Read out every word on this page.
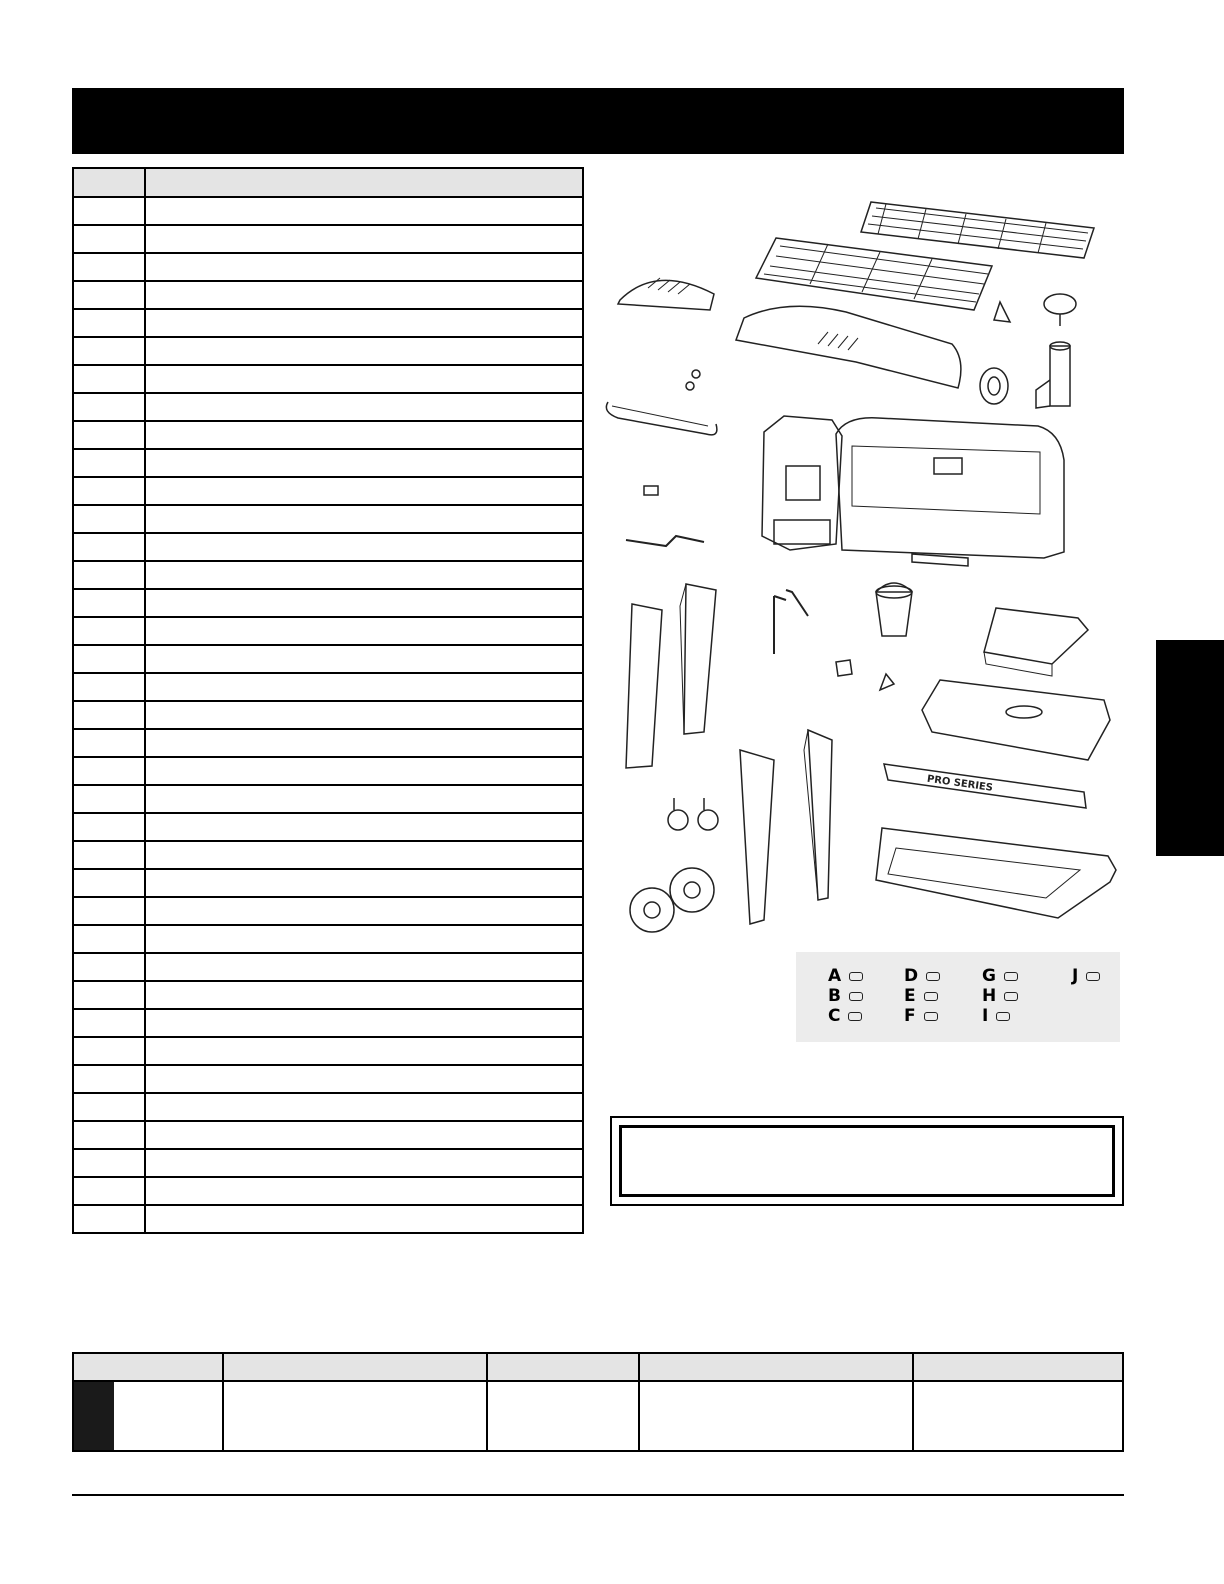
PRO SERIES
A
B
C
D
E
F
G
H
I
J
